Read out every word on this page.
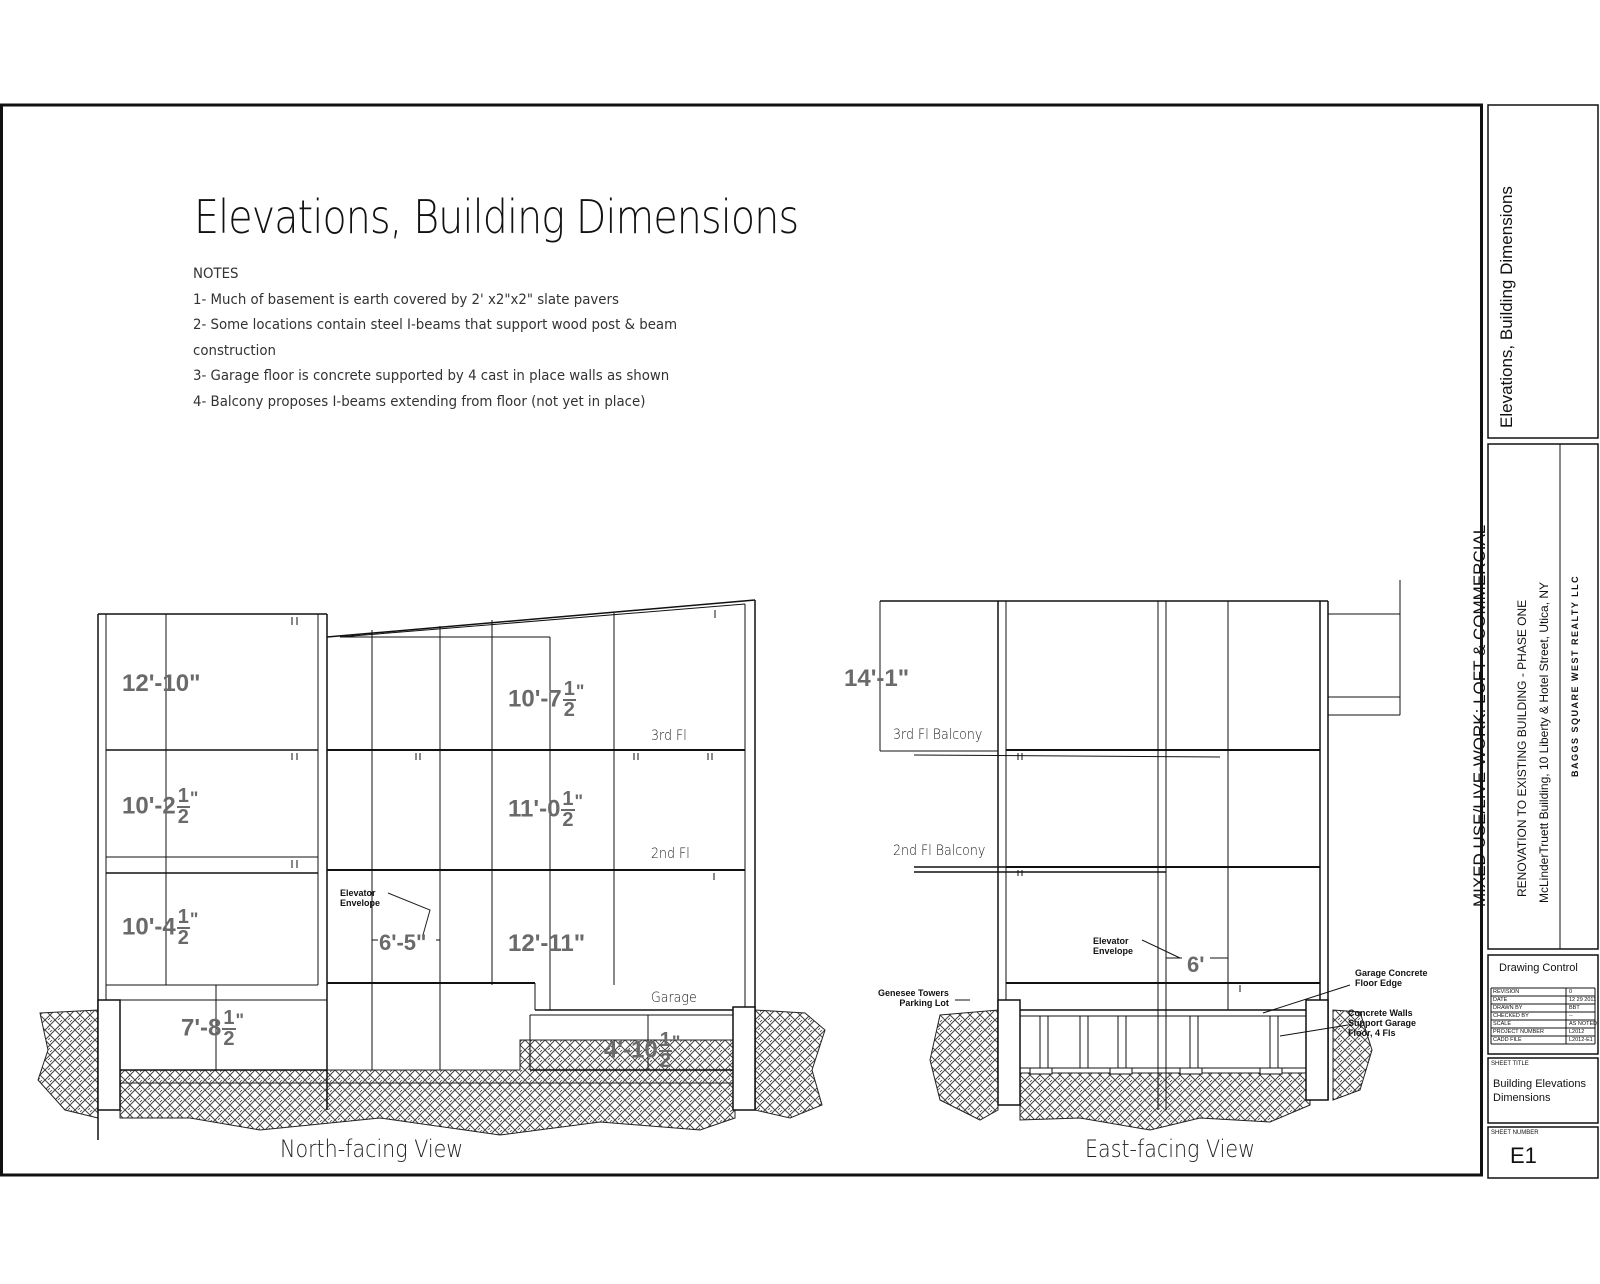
Elevations, Building Dimensions
NOTES
1- Much of basement is earth covered by 2' x2"x2" slate pavers
2- Some locations contain steel I-beams that support wood post & beam
construction
3- Garage floor is concrete supported by 4 cast in place walls as shown
4- Balcony proposes I-beams extending from floor (not yet in place)
12'-10"
$10'-2 \frac{1}{2} ^"$
$10'-4 \frac{1}{2} ^"$
$7'-8 \frac{1}{2} ^"$
$10'-7 \frac{1}{2} ^"$
$11'-0 \frac{1}{2} ^"$
12'-11"
6'-5"
$4'-10 \frac{1}{2} ^"$
3rd Fl
2nd Fl
Garage
Elevator
Envelope
North-facing View
14'-1"
6'
3rd Fl Balcony
2nd Fl Balcony
Elevator
Envelope
Genesee Towers
Parking Lot
Garage Concrete
Floor Edge
Concrete Walls
Support Garage
Floor, 4 Fls
East-facing View
Elevations, Building Dimensions
MIXED USE/LIVE-WORK: LOFT & COMMERCIAL RENOVATION TO EXISTING BUILDING - PHASE ONE McLinderTruett Building, 10 Liberty & Hotel Street, Utica, NY BAGGS SQUARE WEST REALTY LLC
Drawing Control
REVISION	0
DATE	12 29 2011
DRAWN BY	BBT
CHECKED BY	--
SCALE	AS NOTED
PROJECT NUMBER	L2012
CADD FILE	L2012-E1
SHEET TITLE
Building Elevations
Dimensions
SHEET NUMBER
E1
